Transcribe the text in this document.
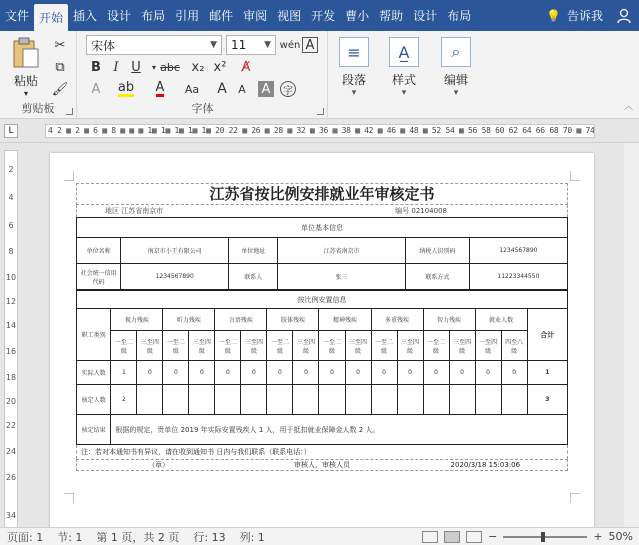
文件 开始 插入 设计 布局 引用 邮件 审阅 视图 开发 曹小 帮助 设计 布局	💡 告诉我
粘贴
▾
✂
⧉
🖌
剪贴板
宋体	▼ 11 ▼ wén A
B I U	▾ abc x₂ x²	A̸
A	ab A Aa	A	A	A	字
字体
≡
段落
▾
A̲
样式
▾
⌕
编辑
▾
︿
L	4 2 ▦ 2 ▦ 6 ▦ 8 ▦ ▦ ▦ 1▦ 1▦ 1▦ 1▦ 1▦ 20 22 ▦ 26 ▦ 28 ▦ 32 ▦ 36 ▦ 38 ▦ 42 ▦ 46 ▦ 48 ▦ 52 54 ▦ 56 58 60 62 64 66 68 70 ▦ 74
2
4
6
8
10
12
14
16
18
20
22
24
26
34
江苏省按比例安排就业年审核定书
地区 江苏省南京市	编号 02104008
单位基本信息					
单位名称	南京市小王有限公司	单位地址	江苏省南京市	纳税人识别码	1234567890
社会统一信用代码	1234567890	联系人	张三	联系方式	11223344550
按比例安置信息																	
职工类别	视力残疾		听力残疾		言语残疾		肢体残疾		精神残疾		多重残疾		智力残疾		就业人数		合计
	一至二级	三至四级	一至二级	三至四级	一至二级	三至四级	一至二级	三至四级	一至二级	三至四级	一至二级	三至四级	一至二级	三至四级	一至四级	四至八级	
实际人数	1	0	0	0	0	0	0	0	0	0	0	0	0	0	0	0	1
核定人数	2																3
核定结果	根据的规定，贵单位 2019 年实际安置残疾人 1 人，用于抵扣就业保障金人数 2 人。																
注：若对本通知书有异议，请在收到通知书 日内与我们联系（联系电话：）
（章）	审核人、审核人员	2020/3/18 15:03:06
页面: 1	节: 1	第 1 页，共 2 页	行: 13	列: 1	−	+ 50%
